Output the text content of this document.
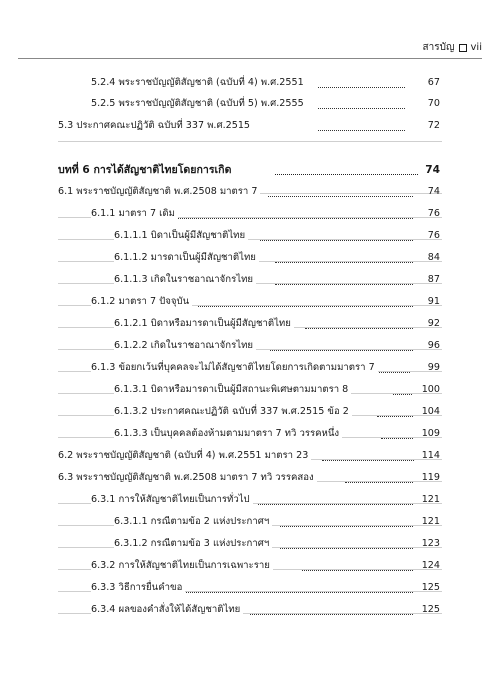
สารบัญ vii
5.2.4 พระราชบัญญัติสัญชาติ (ฉบับที่ 4) พ.ศ.2551	67
5.2.5 พระราชบัญญัติสัญชาติ (ฉบับที่ 5) พ.ศ.2555	70
5.3 ประกาศคณะปฏิวัติ ฉบับที่ 337 พ.ศ.2515	72
บทที่ 6 การได้สัญชาติไทยโดยการเกิด	74
6.1 พระราชบัญญัติสัญชาติ พ.ศ.2508 มาตรา 7	74
6.1.1 มาตรา 7 เดิม	76
6.1.1.1 บิดาเป็นผู้มีสัญชาติไทย	76
6.1.1.2 มารดาเป็นผู้มีสัญชาติไทย	84
6.1.1.3 เกิดในราชอาณาจักรไทย	87
6.1.2 มาตรา 7 ปัจจุบัน	91
6.1.2.1 บิดาหรือมารดาเป็นผู้มีสัญชาติไทย	92
6.1.2.2 เกิดในราชอาณาจักรไทย	96
6.1.3 ข้อยกเว้นที่บุคคลจะไม่ได้สัญชาติไทยโดยการเกิดตามมาตรา 7	99
6.1.3.1 บิดาหรือมารดาเป็นผู้มีสถานะพิเศษตามมาตรา 8	100
6.1.3.2 ประกาศคณะปฏิวัติ ฉบับที่ 337 พ.ศ.2515 ข้อ 2	104
6.1.3.3 เป็นบุคคลต้องห้ามตามมาตรา 7 ทวิ วรรคหนึ่ง	109
6.2 พระราชบัญญัติสัญชาติ (ฉบับที่ 4) พ.ศ.2551 มาตรา 23	114
6.3 พระราชบัญญัติสัญชาติ พ.ศ.2508 มาตรา 7 ทวิ วรรคสอง	119
6.3.1 การให้สัญชาติไทยเป็นการทั่วไป	121
6.3.1.1 กรณีตามข้อ 2 แห่งประกาศฯ	121
6.3.1.2 กรณีตามข้อ 3 แห่งประกาศฯ	123
6.3.2 การให้สัญชาติไทยเป็นการเฉพาะราย	124
6.3.3 วิธีการยื่นคำขอ	125
6.3.4 ผลของคำสั่งให้ได้สัญชาติไทย	125
